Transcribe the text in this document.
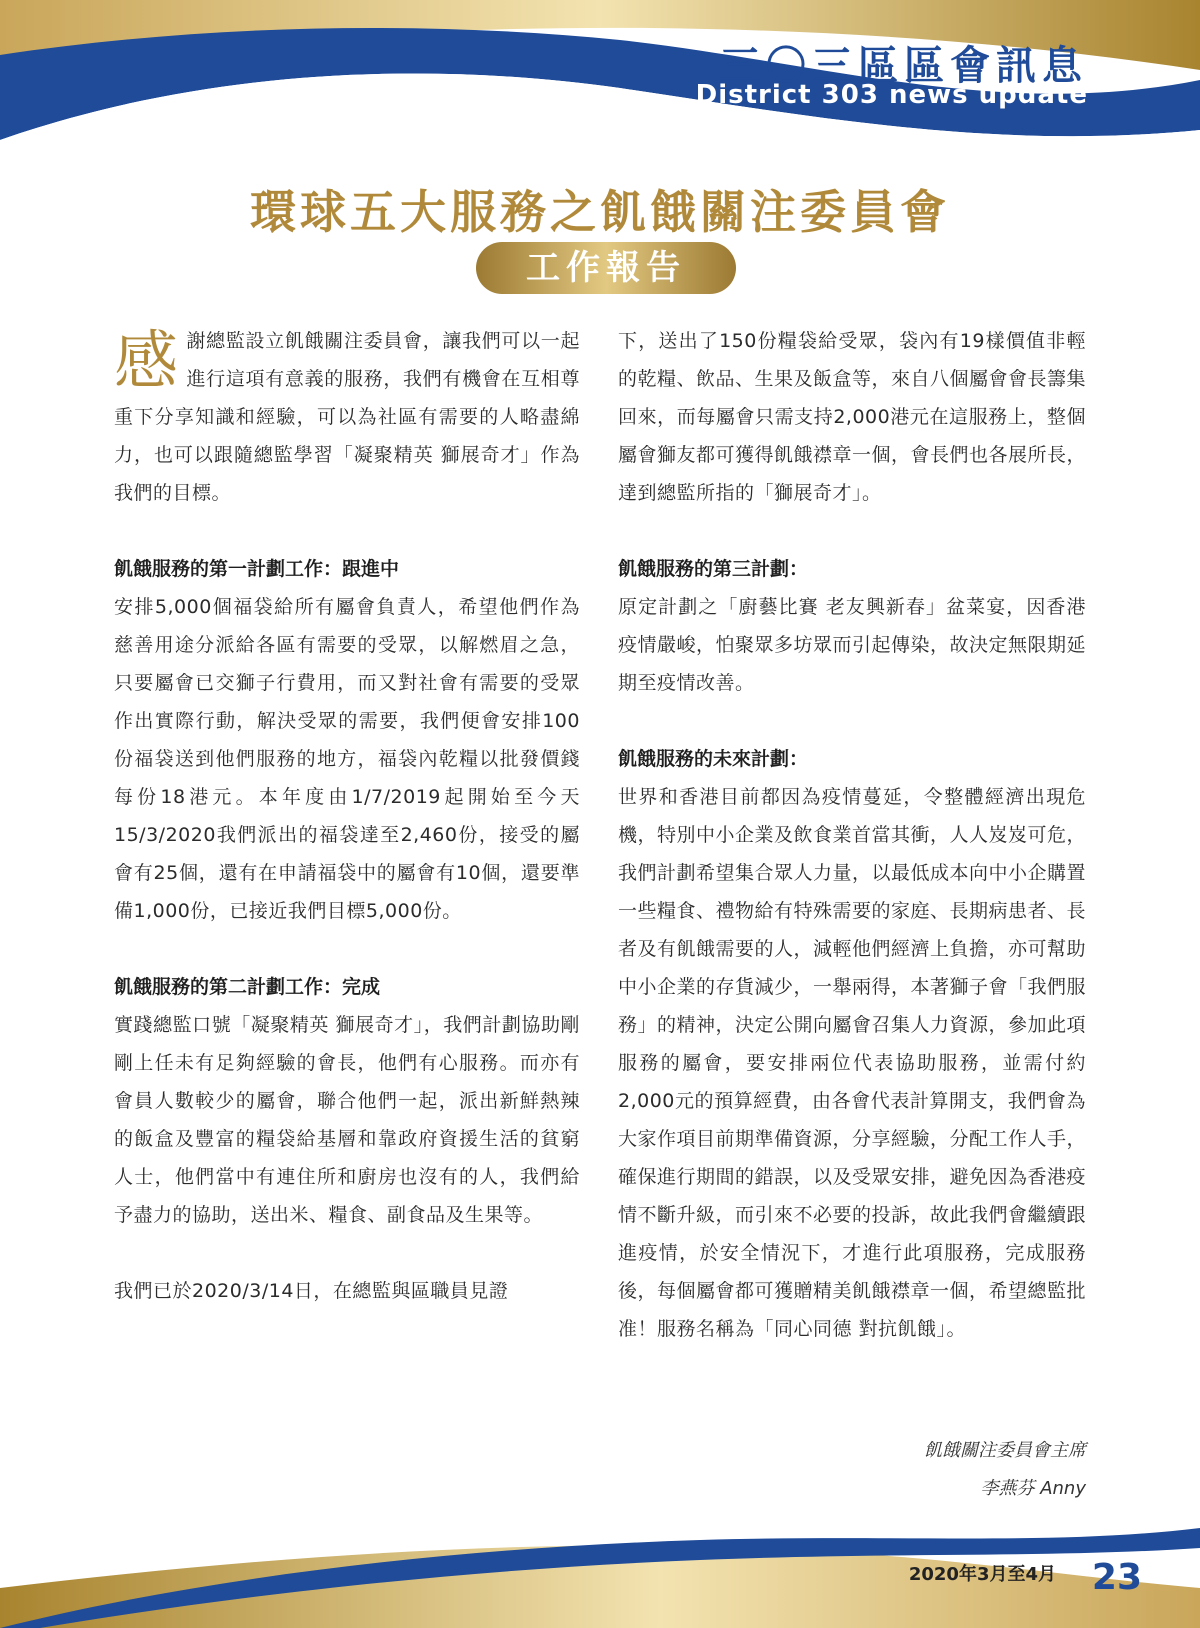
三〇三區區會訊息
District 303 news update
環球五大服務之飢餓關注委員會
工作報告

感謝總監設立飢餓關注委員會，讓我們可以一起進行這項有意義的服務，我們有機會在互相尊重下分享知識和經驗，可以為社區有需要的人略盡綿力，也可以跟隨總監學習「凝聚精英 獅展奇才」作為我們的目標。

飢餓服務的第一計劃工作：跟進中

安排5,000個福袋給所有屬會負責人，希望他們作為慈善用途分派給各區有需要的受眾，以解燃眉之急，只要屬會已交獅子行費用，而又對社會有需要的受眾作出實際行動，解決受眾的需要，我們便會安排100份福袋送到他們服務的地方，福袋內乾糧以批發價錢每份18港元。本年度由1/7/2019起開始至今天15/3/2020我們派出的福袋達至2,460份，接受的屬會有25個，還有在申請福袋中的屬會有10個，還要準備1,000份，已接近我們目標5,000份。

飢餓服務的第二計劃工作：完成

實踐總監口號「凝聚精英 獅展奇才」，我們計劃協助剛剛上任未有足夠經驗的會長，他們有心服務。而亦有會員人數較少的屬會，聯合他們一起，派出新鮮熱辣的飯盒及豐富的糧袋給基層和靠政府資援生活的貧窮人士，他們當中有連住所和廚房也沒有的人，我們給予盡力的協助，送出米、糧食、副食品及生果等。

我們已於2020/3/14日，在總監與區職員見證

下，送出了150份糧袋給受眾，袋內有19樣價值非輕的乾糧、飲品、生果及飯盒等，來自八個屬會會長籌集回來，而每屬會只需支持2,000港元在這服務上，整個屬會獅友都可獲得飢餓襟章一個，會長們也各展所長，達到總監所指的「獅展奇才」。

飢餓服務的第三計劃：

原定計劃之「廚藝比賽 老友興新春」盆菜宴，因香港疫情嚴峻，怕聚眾多坊眾而引起傳染，故決定無限期延期至疫情改善。

飢餓服務的未來計劃：

世界和香港目前都因為疫情蔓延，令整體經濟出現危機，特別中小企業及飲食業首當其衝，人人岌岌可危，我們計劃希望集合眾人力量，以最低成本向中小企購置一些糧食、禮物給有特殊需要的家庭、長期病患者、長者及有飢餓需要的人，減輕他們經濟上負擔，亦可幫助中小企業的存貨減少，一舉兩得，本著獅子會「我們服務」的精神，決定公開向屬會召集人力資源，參加此項服務的屬會，要安排兩位代表協助服務，並需付約2,000元的預算經費，由各會代表計算開支，我們會為大家作項目前期準備資源，分享經驗，分配工作人手，確保進行期間的錯誤，以及受眾安排，避免因為香港疫情不斷升級，而引來不必要的投訴，故此我們會繼續跟進疫情，於安全情況下，才進行此項服務，完成服務後，每個屬會都可獲贈精美飢餓襟章一個，希望總監批准！服務名稱為「同心同德 對抗飢餓」。

飢餓關注委員會主席
李燕芬 Anny
2020年3月至4月 23
